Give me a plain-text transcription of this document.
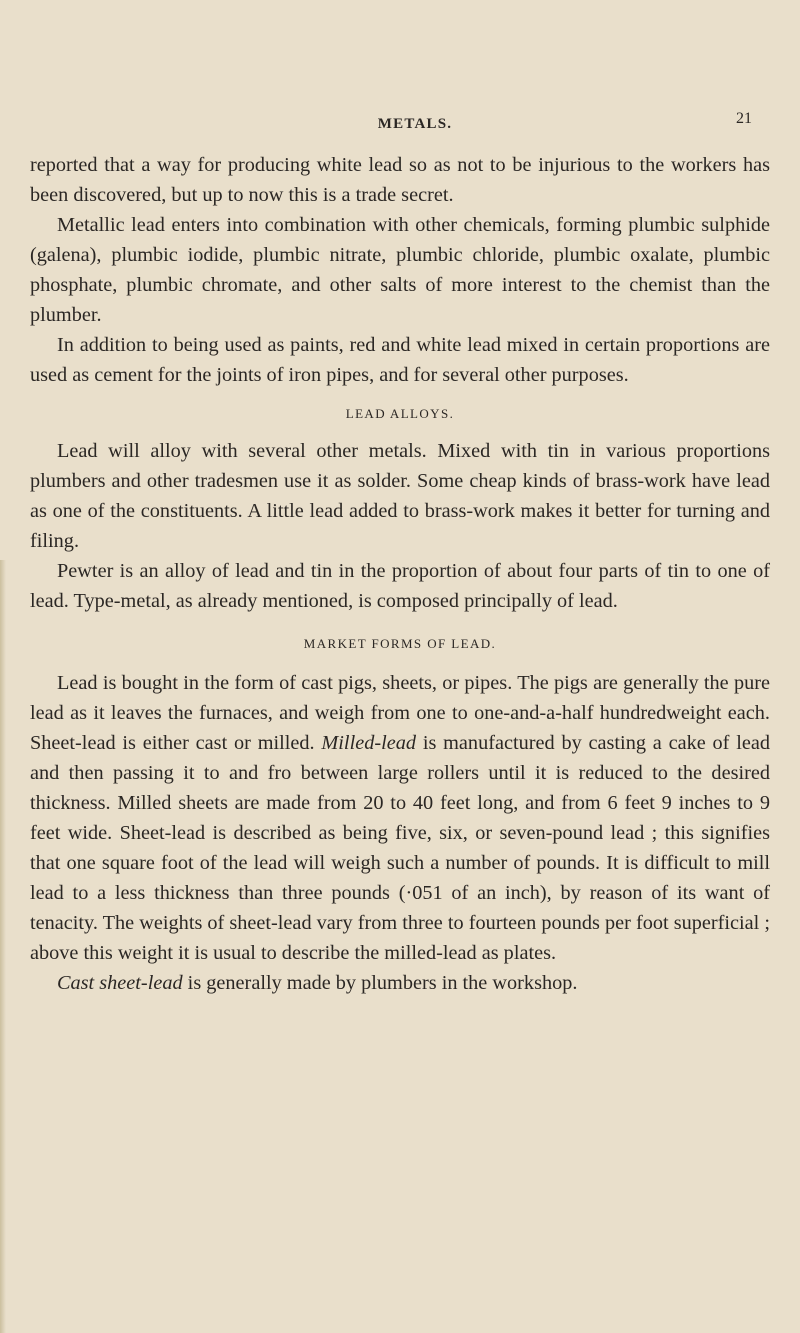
METALS.	21

reported that a way for producing white lead so as not to be injurious to the workers has been discovered, but up to now this is a trade secret.

Metallic lead enters into combination with other chemicals, forming plumbic sulphide (galena), plumbic iodide, plumbic nitrate, plumbic chloride, plumbic oxalate, plumbic phosphate, plumbic chromate, and other salts of more interest to the chemist than the plumber.

In addition to being used as paints, red and white lead mixed in certain proportions are used as cement for the joints of iron pipes, and for several other purposes.

LEAD ALLOYS.

Lead will alloy with several other metals. Mixed with tin in various proportions plumbers and other tradesmen use it as solder. Some cheap kinds of brass-work have lead as one of the constituents. A little lead added to brass-work makes it better for turning and filing.

Pewter is an alloy of lead and tin in the proportion of about four parts of tin to one of lead. Type-metal, as already mentioned, is composed principally of lead.

MARKET FORMS OF LEAD.

Lead is bought in the form of cast pigs, sheets, or pipes. The pigs are generally the pure lead as it leaves the furnaces, and weigh from one to one-and-a-half hundredweight each. Sheet-lead is either cast or milled. Milled-lead is manufactured by casting a cake of lead and then passing it to and fro between large rollers until it is reduced to the desired thickness. Milled sheets are made from 20 to 40 feet long, and from 6 feet 9 inches to 9 feet wide. Sheet-lead is described as being five, six, or seven-pound lead ; this signifies that one square foot of the lead will weigh such a number of pounds. It is difficult to mill lead to a less thickness than three pounds (·051 of an inch), by reason of its want of tenacity. The weights of sheet-lead vary from three to fourteen pounds per foot superficial ; above this weight it is usual to describe the milled-lead as plates.

Cast sheet-lead is generally made by plumbers in the workshop.
